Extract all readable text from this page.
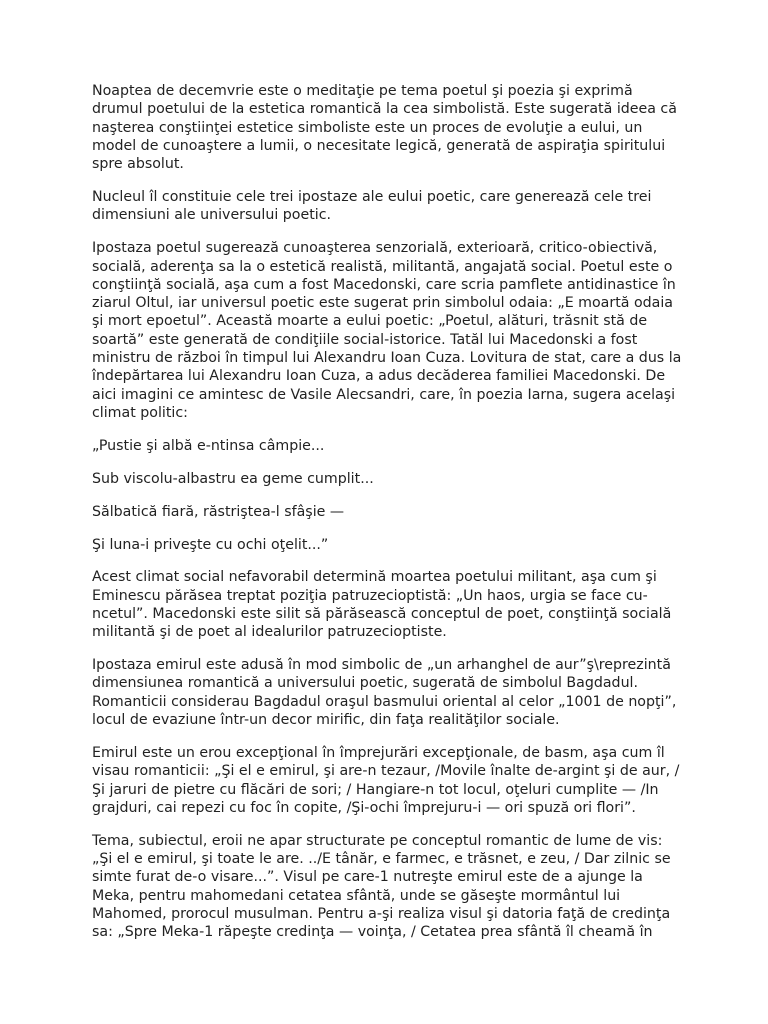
Noaptea de decemvrie este o meditaţie pe tema poetul şi poezia şi exprimă drumul poetului de la estetica romantică la cea simbolistă. Este sugerată ideea că naşterea conştiinţei estetice simboliste este un proces de evoluţie a eului, un model de cunoaştere a lumii, o necesitate legică, generată de aspiraţia spiritului spre absolut.

Nucleul îl constituie cele trei ipostaze ale eului poetic, care generează cele trei dimensiuni ale universului poetic.

Ipostaza poetul sugerează cunoaşterea senzorială, exterioară, critico-obiectivă, socială, aderenţa sa la o estetică realistă, militantă, angajată social. Poetul este o conştiinţă socială, aşa cum a fost Macedonski, care scria pamflete antidinastice în ziarul Oltul, iar universul poetic este sugerat prin simbolul odaia: „E moartă odaia şi mort epoetul”. Această moarte a eului poetic: „Poetul, alături, trăsnit stă de soartă” este generată de condiţiile social-istorice. Tatăl lui Macedonski a fost ministru de război în timpul lui Alexandru Ioan Cuza. Lovitura de stat, care a dus la îndepărtarea lui Alexandru Ioan Cuza, a adus decăderea familiei Macedonski. De aici imagini ce amintesc de Vasile Alecsandri, care, în poezia Iarna, sugera acelaşi climat politic:

„Pustie şi albă e-ntinsa câmpie...

Sub viscolu-albastru ea geme cumplit...

Sălbatică fiară, răstriştea-l sfâşie —

Şi luna-i priveşte cu ochi oţelit...”

Acest climat social nefavorabil determină moartea poetului militant, aşa cum şi Eminescu părăsea treptat poziţia patruzecioptistă: „Un haos, urgia se face cu-ncetul”. Macedonski este silit să părăsească conceptul de poet, conştiinţă socială militantă şi de poet al idealurilor patruzecioptiste.

Ipostaza emirul este adusă în mod simbolic de „un arhanghel de aur”ş\reprezintă dimensiunea romantică a universului poetic, sugerată de simbolul Bagdadul. Romanticii considerau Bagdadul oraşul basmului oriental al celor „1001 de nopţi”, locul de evaziune într-un decor mirific, din faţa realităţilor sociale.

Emirul este un erou excepţional în împrejurări excepţionale, de basm, aşa cum îl visau romanticii: „Şi el e emirul, şi are-n tezaur, /Movile înalte de-argint şi de aur, / Şi jaruri de pietre cu flăcări de sori; / Hangiare-n tot locul, oţeluri cumplite — /In grajduri, cai repezi cu foc în copite, /Şi-ochi împrejuru-i — ori spuză ori flori”.

Tema, subiectul, eroii ne apar structurate pe conceptul romantic de lume de vis: „Şi el e emirul, şi toate le are. ../E tânăr, e farmec, e trăsnet, e zeu, / Dar zilnic se simte furat de-o visare...”. Visul pe care-1 nutreşte emirul este de a ajunge la Meka, pentru mahomedani cetatea sfântă, unde se găseşte mormântul lui Mahomed, prorocul musulman. Pentru a-şi realiza visul şi datoria faţă de credinţa sa: „Spre Meka-1 răpeşte credinţa — voinţa, / Cetatea prea sfântă îl cheamă în
